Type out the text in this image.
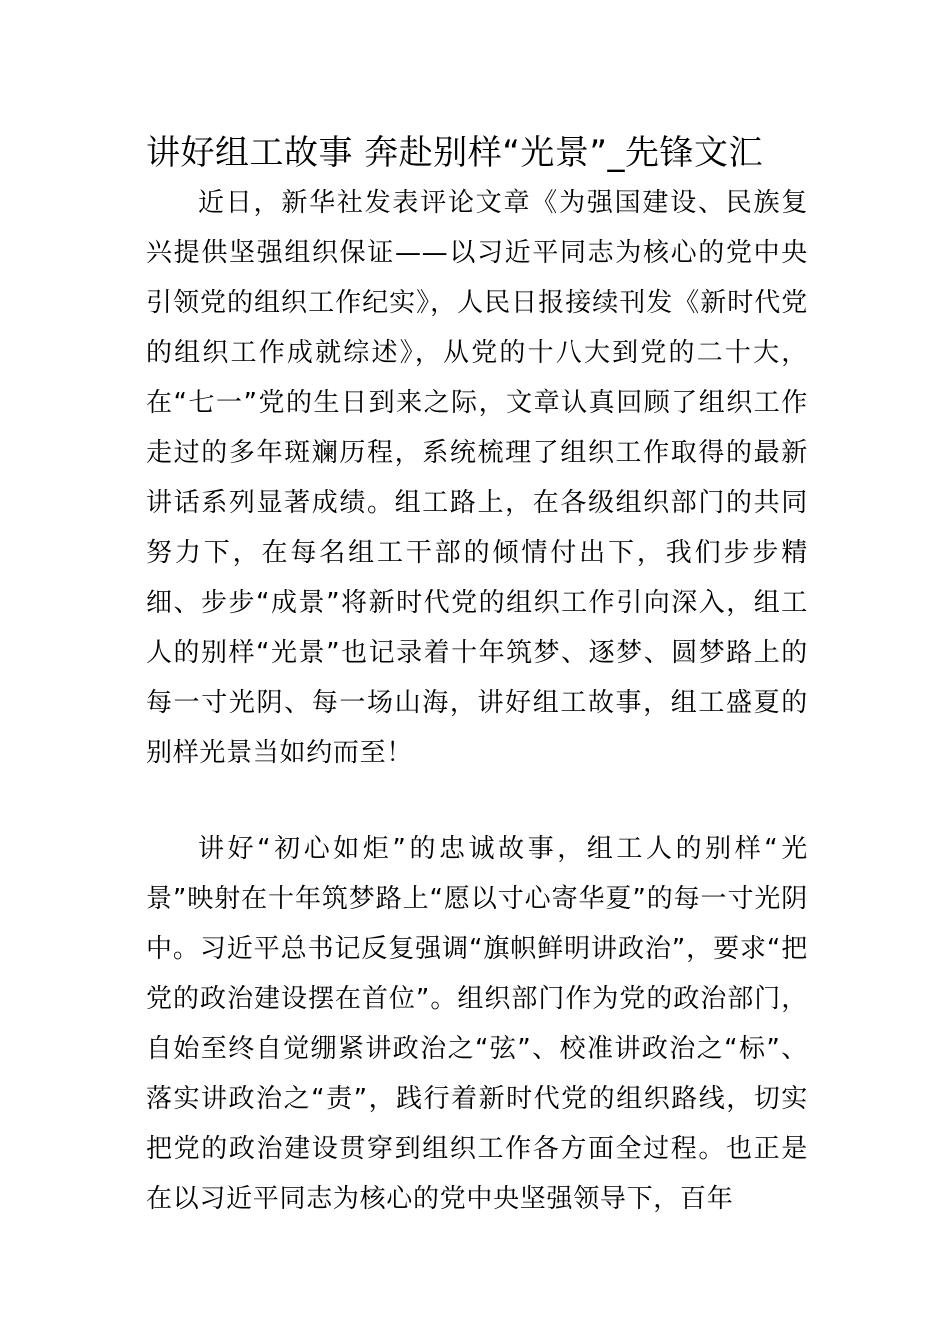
讲好组工故事 奔赴别样“光景”_先锋文汇

近日，新华社发表评论文章《为强国建设、民族复兴提供坚强组织保证——以习近平同志为核心的党中央引领党的组织工作纪实》，人民日报接续刊发《新时代党的组织工作成就综述》，从党的十八大到党的二十大，在“七一”党的生日到来之际，文章认真回顾了组织工作走过的多年斑斓历程，系统梳理了组织工作取得的最新讲话系列显著成绩。组工路上，在各级组织部门的共同努力下，在每名组工干部的倾情付出下，我们步步精细、步步“成景”将新时代党的组织工作引向深入，组工人的别样“光景”也记录着十年筑梦、逐梦、圆梦路上的每一寸光阴、每一场山海，讲好组工故事，组工盛夏的别样光景当如约而至！

讲好“初心如炬”的忠诚故事，组工人的别样“光景”映射在十年筑梦路上“愿以寸心寄华夏”的每一寸光阴中。习近平总书记反复强调“旗帜鲜明讲政治”，要求“把党的政治建设摆在首位”。组织部门作为党的政治部门，自始至终自觉绷紧讲政治之“弦”、校准讲政治之“标”、落实讲政治之“责”，践行着新时代党的组织路线，切实把党的政治建设贯穿到组织工作各方面全过程。也正是在以习近平同志为核心的党中央坚强领导下，百年
